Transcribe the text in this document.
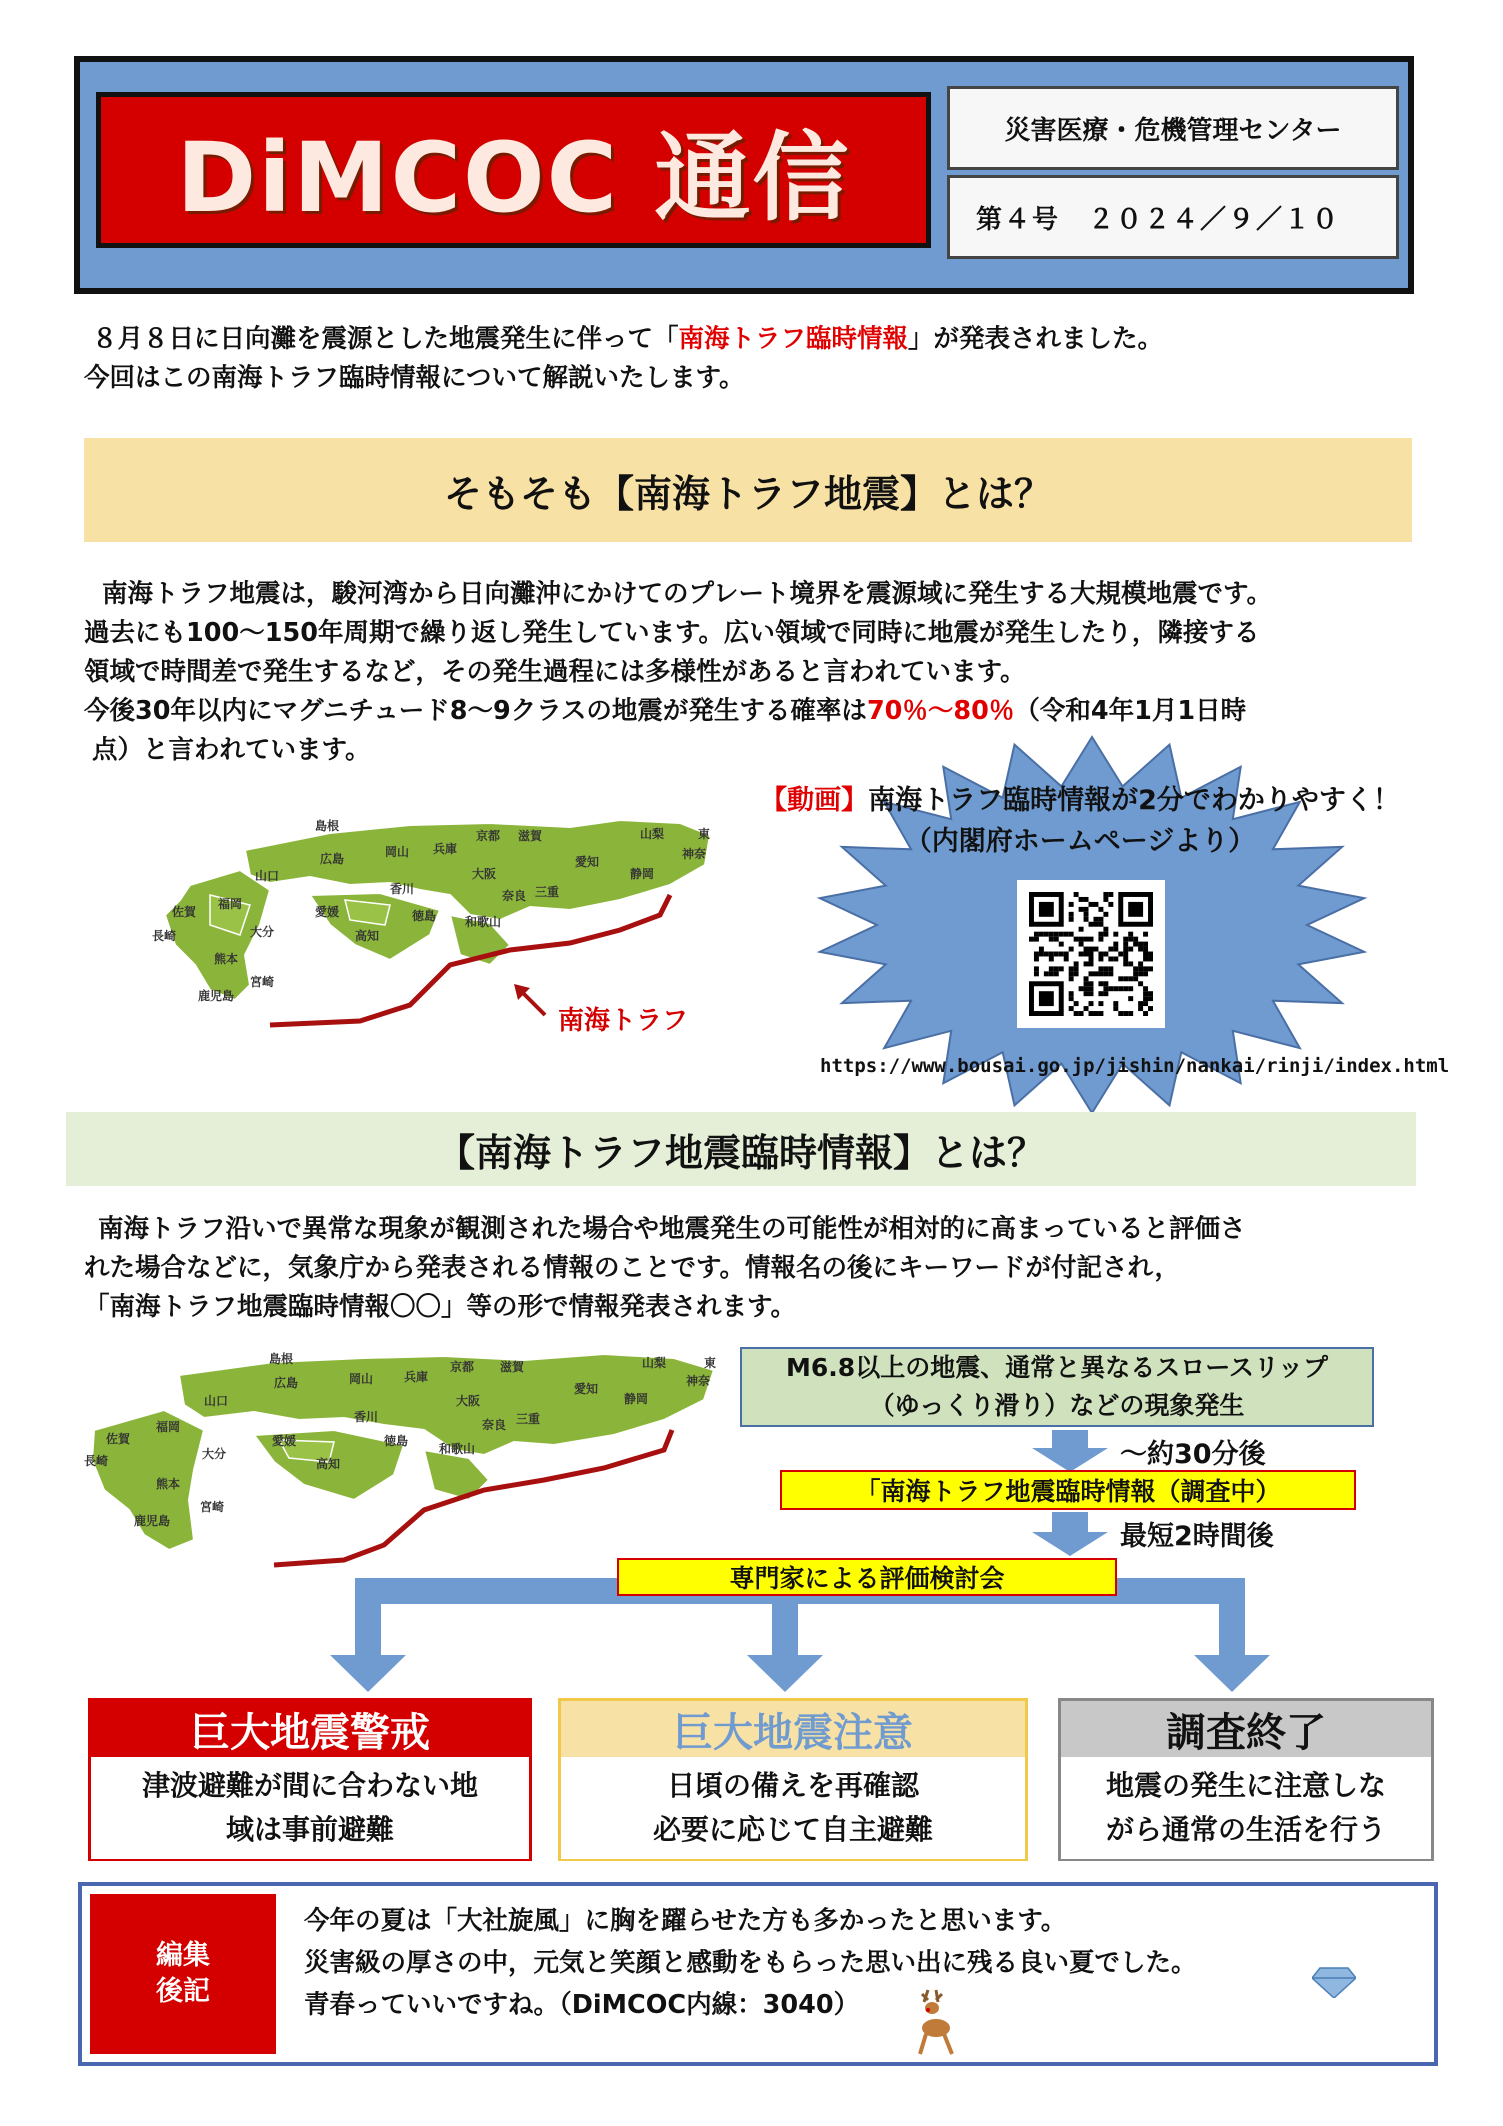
DiMCOC 通信	災害医療・危機管理センター
第４号　２０２４／９／１０
８月８日に日向灘を震源とした地震発生に伴って「南海トラフ臨時情報」が発表されました。
今回はこの南海トラフ臨時情報について解説いたします。
そもそも【南海トラフ地震】とは？
南海トラフ地震は，駿河湾から日向灘沖にかけてのプレート境界を震源域に発生する大規模地震です。
過去にも100～150年周期で繰り返し発生しています。広い領域で同時に地震が発生したり，隣接する
領域で時間差で発生するなど，その発生過程には多様性があると言われています。
今後30年以内にマグニチュード8～9クラスの地震が発生する確率は70％～80％（令和4年1月1日時
点）と言われています。
島根
広島	岡山 兵庫
京都 滋賀	山梨	東
神奈
山口
香川
大阪
愛知
静岡
福岡
愛媛	徳島
奈良 三重
佐賀
大分	高知
和歌山
長崎
熊本
宮崎
鹿児島
南海トラフ
【動画】南海トラフ臨時情報が2分でわかりやすく！
（内閣府ホームページより）
https://www.bousai.go.jp/jishin/nankai/rinji/index.html
【南海トラフ地震臨時情報】とは？
南海トラフ沿いで異常な現象が観測された場合や地震発生の可能性が相対的に高まっていると評価さ
れた場合などに，気象庁から発表される情報のことです。情報名の後にキーワードが付記され，
「南海トラフ地震臨時情報〇〇」等の形で情報発表されます。
島根
広島	岡山	兵庫
京都 滋賀	山梨	東
神奈
山口
香川
大阪
愛知
静岡
福岡
愛媛	徳島
奈良 三重
佐賀
大分
高知
和歌山
長崎
熊本
宮崎
鹿児島
M6.8以上の地震、通常と異なるスロースリップ
（ゆっくり滑り）などの現象発生
～約30分後
「南海トラフ地震臨時情報（調査中）
最短2時間後
専門家による評価検討会
巨大地震警戒
津波避難が間に合わない地
域は事前避難
巨大地震注意
日頃の備えを再確認
必要に応じて自主避難
調査終了
地震の発生に注意しな
がら通常の生活を行う
編集
後記
今年の夏は「大社旋風」に胸を躍らせた方も多かったと思います。
災害級の厚さの中，元気と笑顔と感動をもらった思い出に残る良い夏でした。
青春っていいですね。（DiMCOC内線：3040）
